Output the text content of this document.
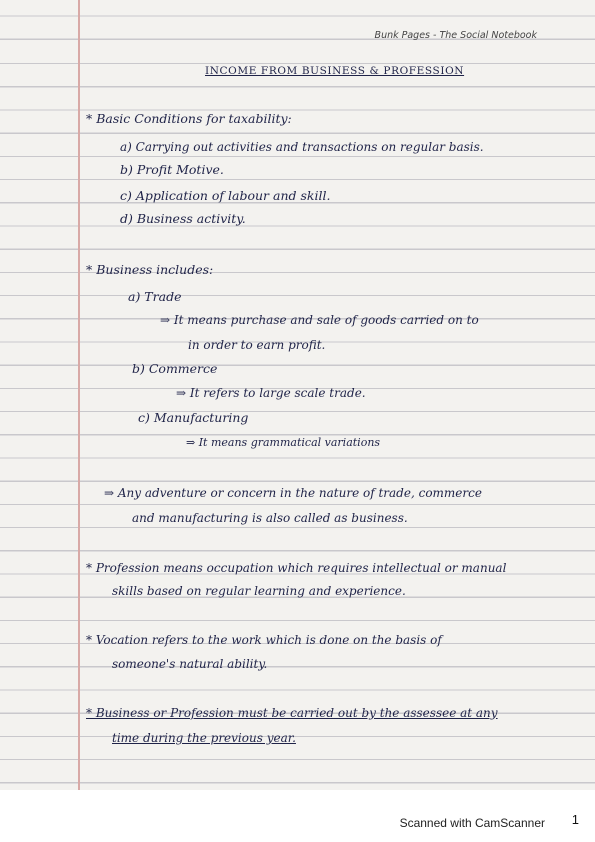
Bunk Pages - The Social Notebook
INCOME FROM BUSINESS & PROFESSION
* Basic Conditions for taxability:
a) Carrying out activities and transactions on regular basis.
b) Profit Motive.
c) Application of labour and skill.
d) Business activity.
* Business includes:
a) Trade
⇒ It means purchase and sale of goods carried on to
in order to earn profit.
b) Commerce
⇒ It refers to large scale trade.
c) Manufacturing
⇒ It means grammatical variations
⇒ Any adventure or concern in the nature of trade, commerce
and manufacturing is also called as business.
* Profession means occupation which requires intellectual or manual
skills based on regular learning and experience.
* Vocation refers to the work which is done on the basis of
someone's natural ability.
* Business or Profession must be carried out by the assessee at any
time during the previous year.
Scanned with CamScanner 1
